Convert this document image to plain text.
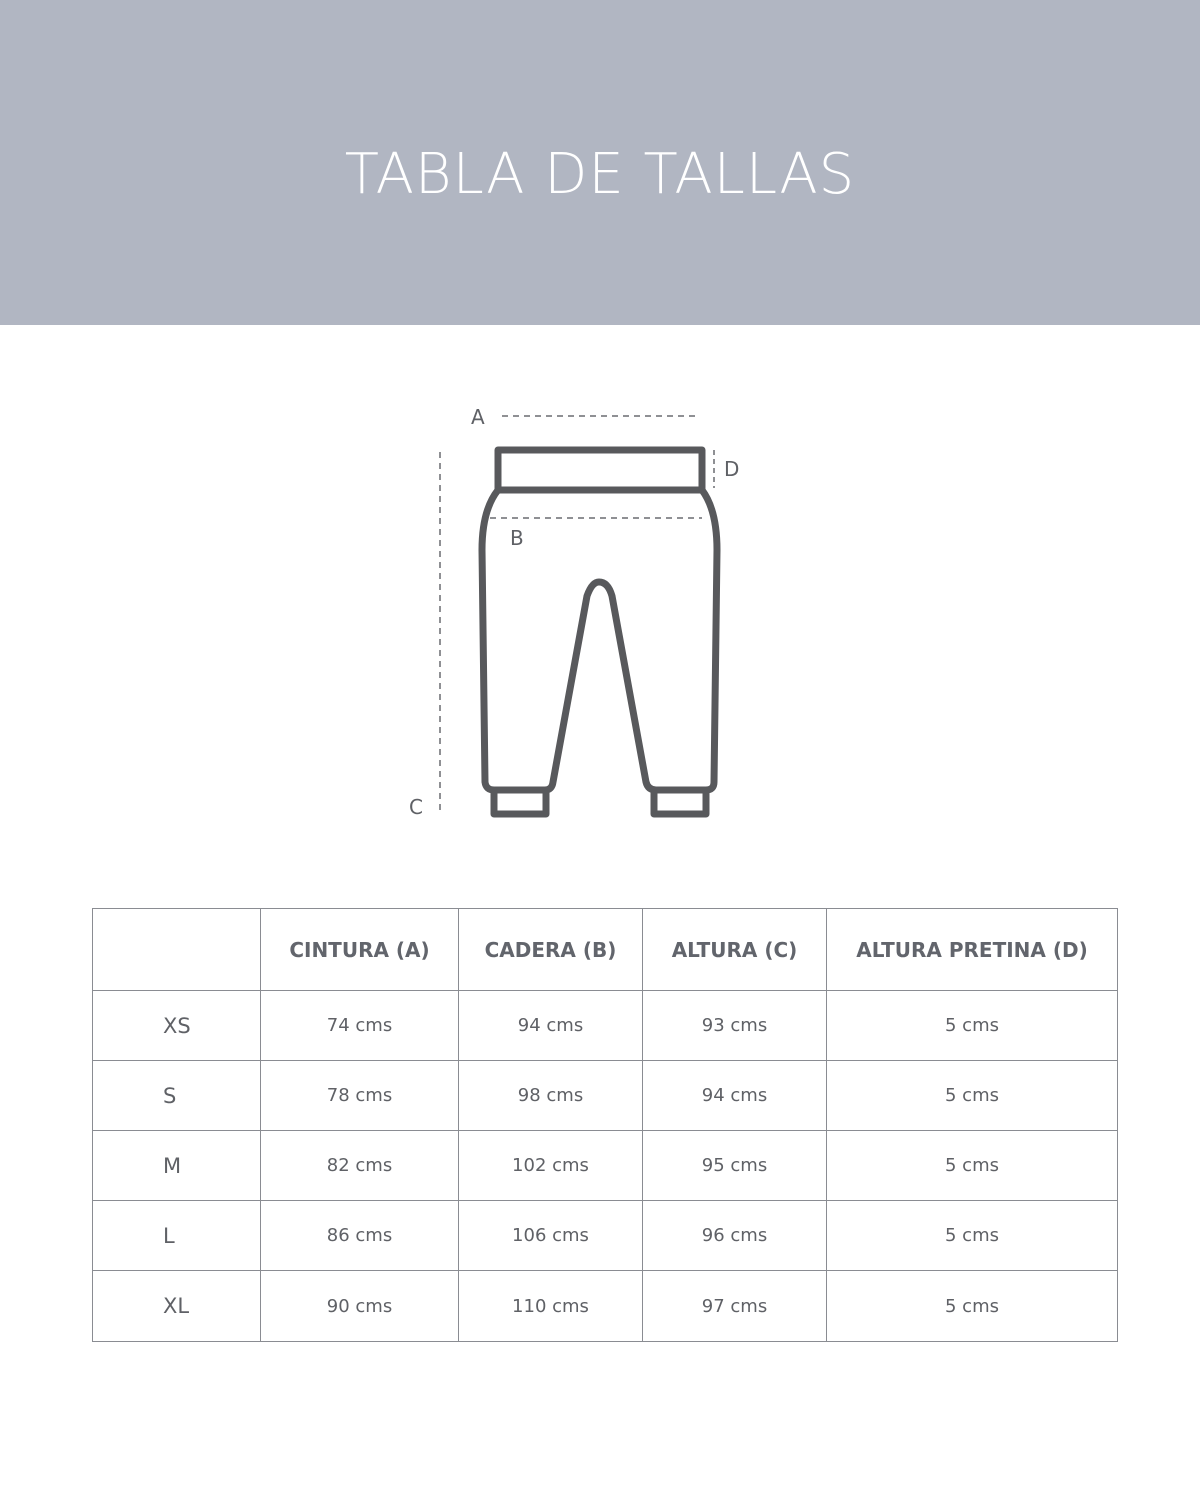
TABLA DE TALLAS
A
D
C
B
	CINTURA (A)	CADERA (B)	ALTURA (C)	ALTURA PRETINA (D)
XS	74 cms	94 cms	93 cms	5 cms
S	78 cms	98 cms	94 cms	5 cms
M	82 cms	102 cms	95 cms	5 cms
L	86 cms	106 cms	96 cms	5 cms
XL	90 cms	110 cms	97 cms	5 cms
